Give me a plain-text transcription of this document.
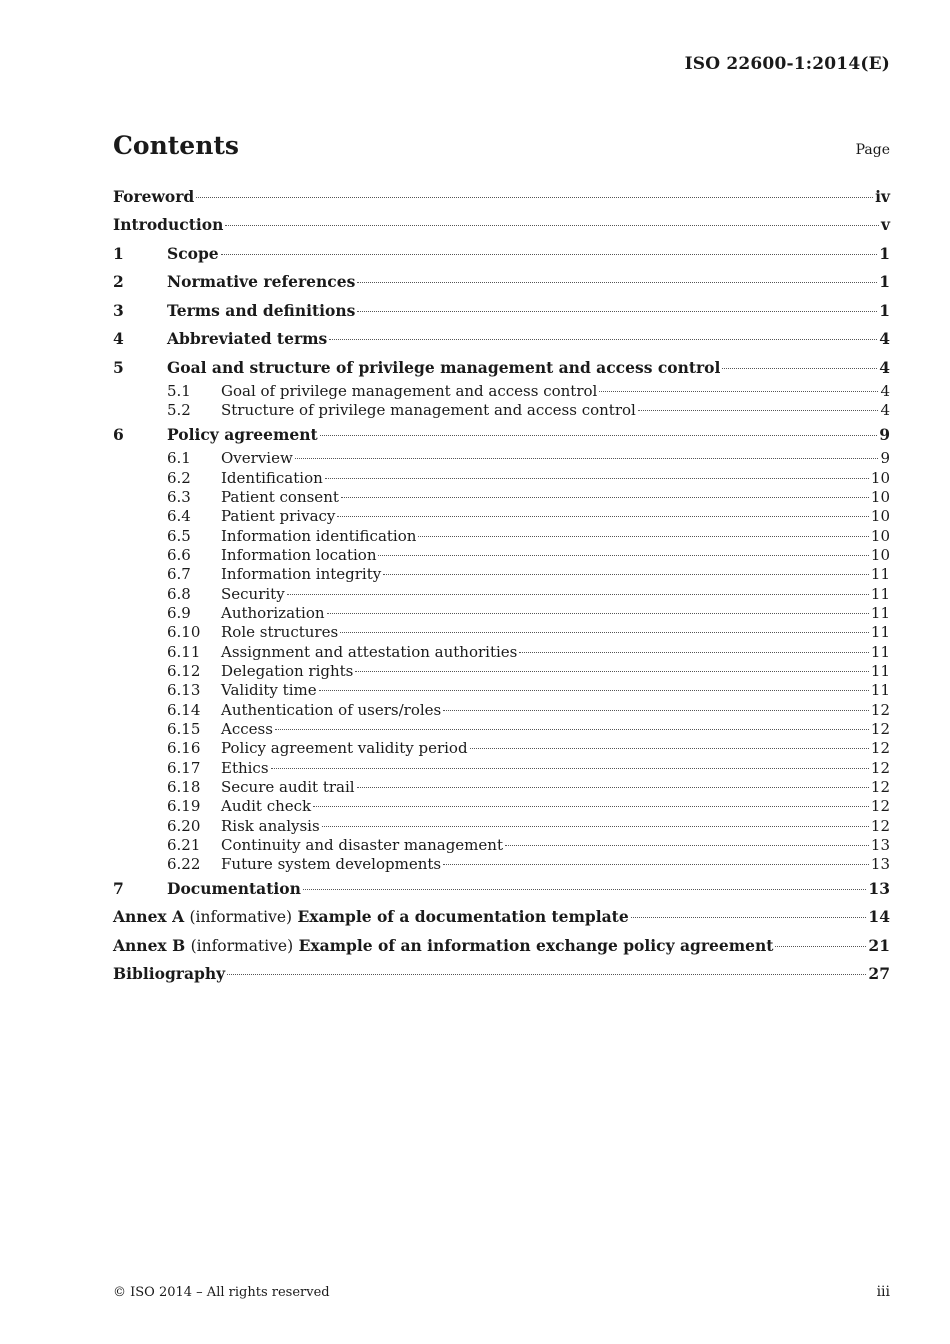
ISO 22600-1:2014(E)
Contents	Page
Foreword	iv
Introduction	v
1	Scope	1
2	Normative references	1
3	Terms and definitions	1
4	Abbreviated terms	4
5	Goal and structure of privilege management and access control	4
5.1	Goal of privilege management and access control	4
5.2	Structure of privilege management and access control	4
6	Policy agreement	9
6.1	Overview	9
6.2	Identification	10
6.3	Patient consent	10
6.4	Patient privacy	10
6.5	Information identification	10
6.6	Information location	10
6.7	Information integrity	11
6.8	Security	11
6.9	Authorization	11
6.10	Role structures	11
6.11	Assignment and attestation authorities	11
6.12	Delegation rights	11
6.13	Validity time	11
6.14	Authentication of users/roles	12
6.15	Access	12
6.16	Policy agreement validity period	12
6.17	Ethics	12
6.18	Secure audit trail	12
6.19	Audit check	12
6.20	Risk analysis	12
6.21	Continuity and disaster management	13
6.22	Future system developments	13
7	Documentation	13
Annex A (informative) Example of a documentation template	14
Annex B (informative) Example of an information exchange policy agreement	21
Bibliography	27
© ISO 2014 – All rights reserved	iii
